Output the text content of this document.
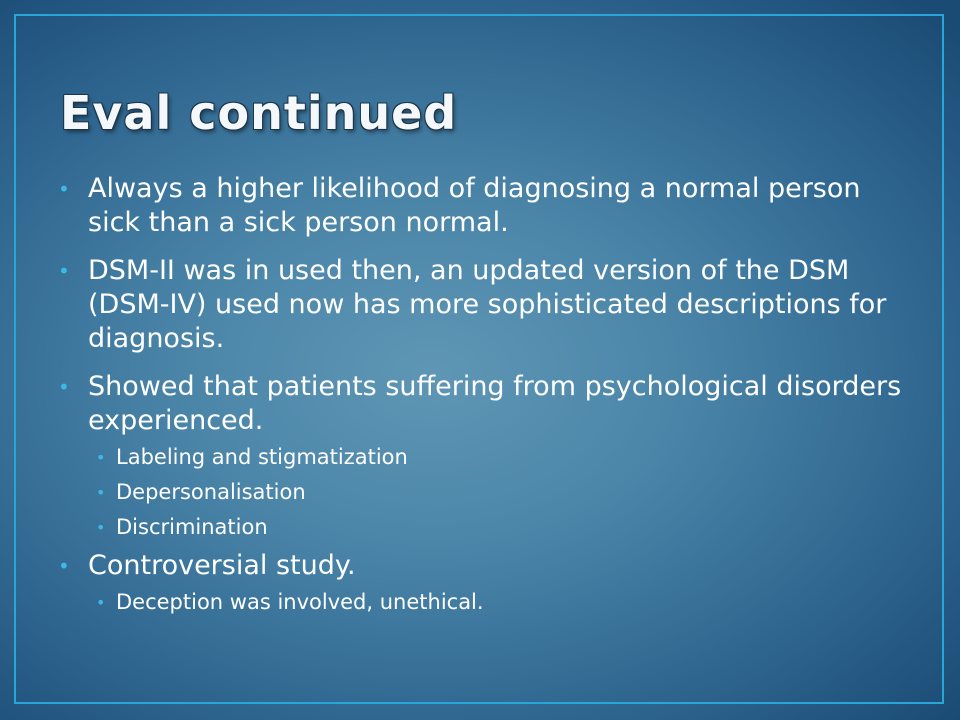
Eval continued
• Always a higher likelihood of diagnosing a normal person sick than a sick person normal.
• DSM-II was in used then, an updated version of the DSM (DSM-IV) used now has more sophisticated descriptions for diagnosis.
• Showed that patients suffering from psychological disorders experienced.
• Labeling and stigmatization
• Depersonalisation
• Discrimination
• Controversial study.
• Deception was involved, unethical.
